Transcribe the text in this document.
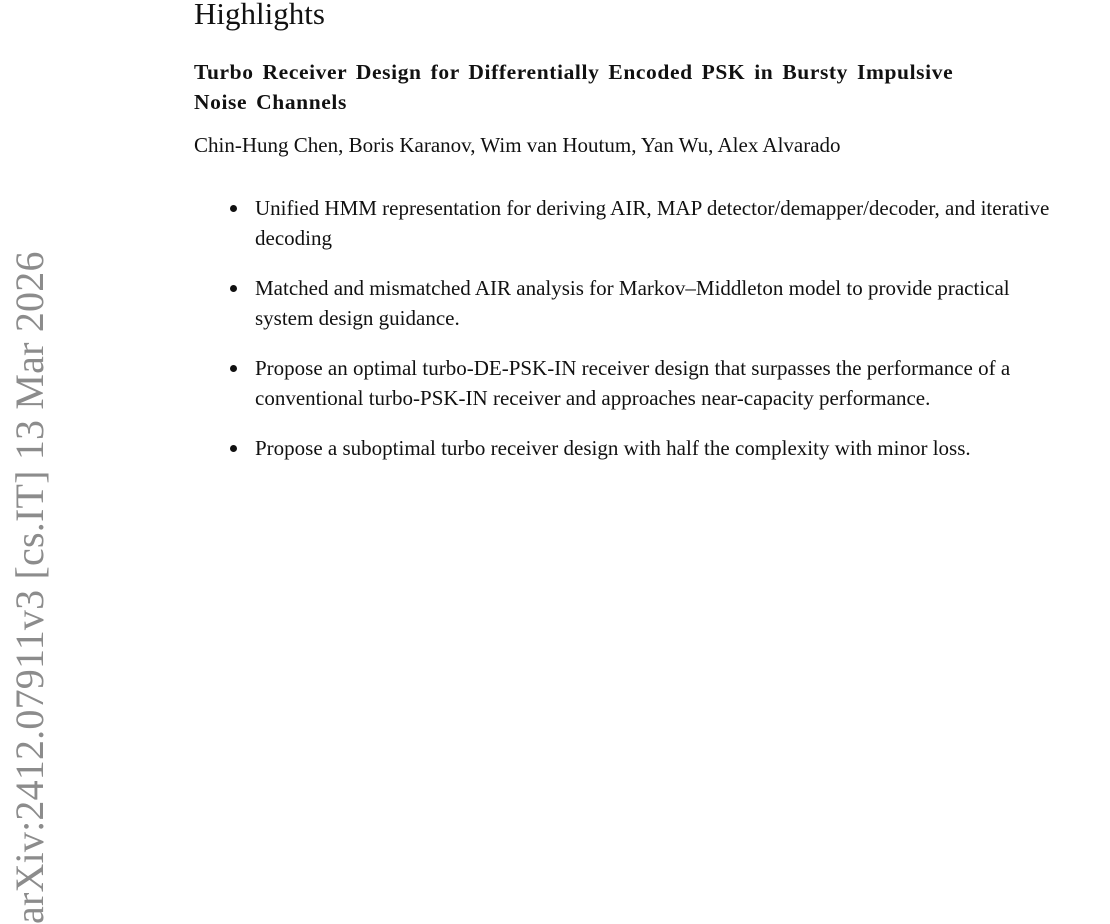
arXiv:2412.07911v3 [cs.IT] 13 Mar 2026
Highlights
Turbo Receiver Design for Differentially Encoded PSK in Bursty Impulsive Noise Channels

Chin-Hung Chen, Boris Karanov, Wim van Houtum, Yan Wu, Alex Alvarado

Unified HMM representation for deriving AIR, MAP detector/demapper/decoder, and iterative decoding
Matched and mismatched AIR analysis for Markov–Middleton model to provide practical system design guidance.
Propose an optimal turbo-DE-PSK-IN receiver design that surpasses the performance of a conventional turbo-PSK-IN receiver and approaches near-capacity performance.
Propose a suboptimal turbo receiver design with half the complexity with minor loss.
